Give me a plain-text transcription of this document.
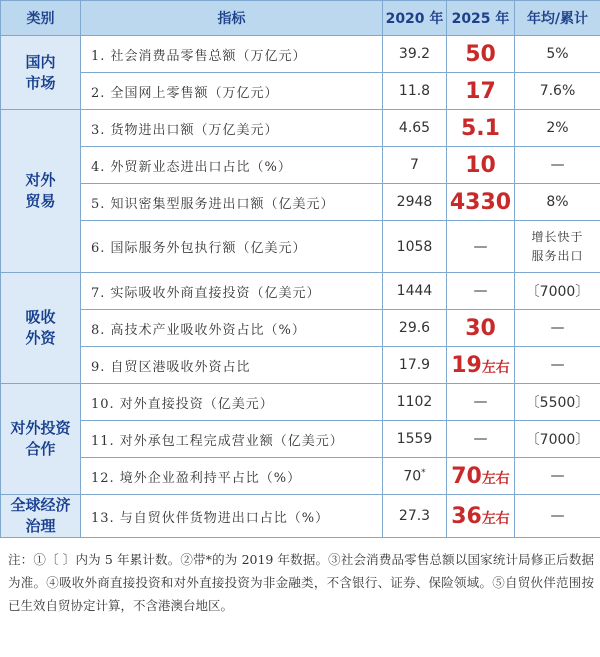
类别	指标	2020 年	2025 年	年均/累计
国内
市场	1. 社会消费品零售总额（万亿元）	39.2	50	5%
	2. 全国网上零售额（万亿元）	11.8	17	7.6%
对外
贸易	3. 货物进出口额（万亿美元）	4.65	5.1	2%
	4. 外贸新业态进出口占比（%）	7	10	—
	5. 知识密集型服务进出口额（亿美元）	2948	4330	8%
	6. 国际服务外包执行额（亿美元）	1058	—	增长快于
服务出口
吸收
外资	7. 实际吸收外商直接投资（亿美元）	1444	—	〔7000〕
	8. 高技术产业吸收外资占比（%）	29.6	30	—
	9. 自贸区港吸收外资占比	17.9	19左右	—
对外投资
合作	10. 对外直接投资（亿美元）	1102	—	〔5500〕
	11. 对外承包工程完成营业额（亿美元）	1559	—	〔7000〕
	12. 境外企业盈利持平占比（%）	70*	70左右	—
全球经济
治理	13. 与自贸伙伴货物进出口占比（%）	27.3	36左右	—
注：①〔 〕内为 5 年累计数。②带*的为 2019 年数据。③社会消费品零售总额以国家统计局修正后数据为准。④吸收外商直接投资和对外直接投资为非金融类，不含银行、证券、保险领域。⑤自贸伙伴范围按已生效自贸协定计算，不含港澳台地区。
